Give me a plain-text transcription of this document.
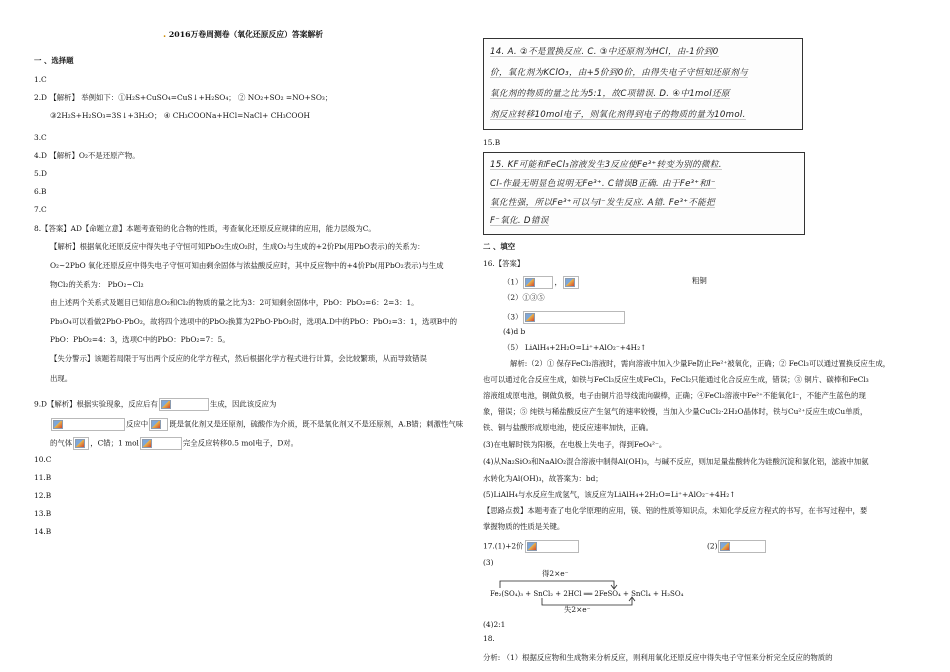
. 2016万卷周测卷（氧化还原反应）答案解析
一 、选择题
1.C
2.D 【解析】 举例如下：①H₂S+CuSO₄=CuS↓+H₂SO₄； ② NO₂+SO₂ =NO+SO₃；
③2H₂S+H₂SO₃=3S↓+3H₂O； ④ CH₃COONa+HCl=NaCl+ CH₃COOH
3.C
4.D 【解析】O₂不是还原产物。
5.D
6.B
7.C
8.【答案】AD【命题立意】本题考查铅的化合物的性质，考查氧化还原反应规律的应用，能力层级为C。
【解析】根据氧化还原反应中得失电子守恒可知PbO₂生成O₂时，生成O₂与生成的+2价Pb(用PbO表示)的关系为：
O₂~2PbO 氧化还原反应中得失电子守恒可知由剩余固体与浓盐酸反应时，其中反应物中的+4价Pb(用PbO₂表示)与生成
物Cl₂的关系为： PbO₂~Cl₂
由上述两个关系式及题目已知信息O₂和Cl₂的物质的量之比为3：2可知剩余固体中，PbO：PbO₂=6：2=3：1。
Pb₃O₄可以看做2PbO·PbO₂，故将四个选项中的PbO₂换算为2PbO·PbO₂时，选项A.D中的PbO：PbO₂=3：1，选项B中的
PbO：PbO₂=4：3，选项C中的PbO：PbO₂=7：5。
【失分警示】该题若局限于写出两个反应的化学方程式，然后根据化学方程式进行计算，会比较繁琐，从而导致错误
出现。
9.D【解析】根据实验现象，反应后有	生成，因此该反应为
反应中	既是氧化剂又是还原剂，硫酸作为介质，既不是氧化剂又不是还原剂，A.B错；刺激性气味
的气体 ，C错；1 mol	完全反应转移0.5 mol电子，D对。
10.C
11.B
12.B
13.B
14.B
14. A. ②不是置换反应. C. ③中还原剂为HCl，由-1价到0
价，氧化剂为KClO₃，由+5价到0价，由得失电子守恒知还原剂与
氧化剂的物质的量之比为5:1，故C项错误. D. ④中1mol还原
剂反应转移10mol电子，则氧化剂得到电子的物质的量为10mol.
15.B
15. KF可能和FeCl₃溶液发生3反应使Fe³⁺转变为别的微粒.
Cl-作最无明显色说明无Fe³⁺. C错误B正确. 由于Fe³⁺和I⁻
氧化性强，所以Fe³⁺可以与I⁻发生反应. A错. Fe³⁺不能把
F⁻氧化. D错误
二 、填空
16.【答案】
（1）	，	粗铜
（2）①③⑤
（3）
(4)d b
（5） LiAlH₄+2H₂O=Li⁺+AlO₂⁻+4H₂↑
解析:（2）① 保存FeCl₂溶液时，需向溶液中加入少量Fe防止Fe²⁺被氧化，正确；② FeCl₃可以通过置换反应生成，
也可以通过化合反应生成，如铁与FeCl₃反应生成FeCl₂，FeCl₂只能通过化合反应生成，错误；③ 铜片、碳棒和FeCl₃
溶液组成原电池，铜做负极，电子由铜片沿导线流向碳棒，正确；④FeCl₂溶液中Fe²⁺不能氧化I⁻，不能产生蓝色的现
象，错误；⑤ 纯铁与稀盐酸反应产生氢气的速率较慢，当加入少量CuCl₂·2H₂O晶体时，铁与Cu²⁺反应生成Cu单质，
铁、铜与盐酸形成原电池，使反应速率加快，正确。
(3)在电解时铁为阳极，在电极上失电子，得到FeO₄²⁻。
(4)从Na₂SiO₃和NaAlO₂混合溶液中制得Al(OH)₃，与碱不反应，则加足量盐酸转化为硅酸沉淀和氯化铝，滤液中加氨
水转化为Al(OH)₃，故答案为：bd；
(5)LiAlH₄与水反应生成氢气，该反应为LiAlH₄+2H₂O=Li⁺+AlO₂⁻+4H₂↑
【思路点拨】本题考查了电化学原理的应用，镁、铝的性质等知识点，未知化学反应方程式的书写，在书写过程中，要
掌握物质的性质是关键。
17.(1)+2价	(2)
(3)
得2×e⁻
Fe₂(SO₄)₃ + SnCl₂ + 2HCl ══ 2FeSO₄ + SnCl₄ + H₂SO₄
失2×e⁻
(4)2:1
18.
分析: （1）根据反应物和生成物来分析反应，则利用氧化还原反应中得失电子守恒来分析完全反应的物质的
